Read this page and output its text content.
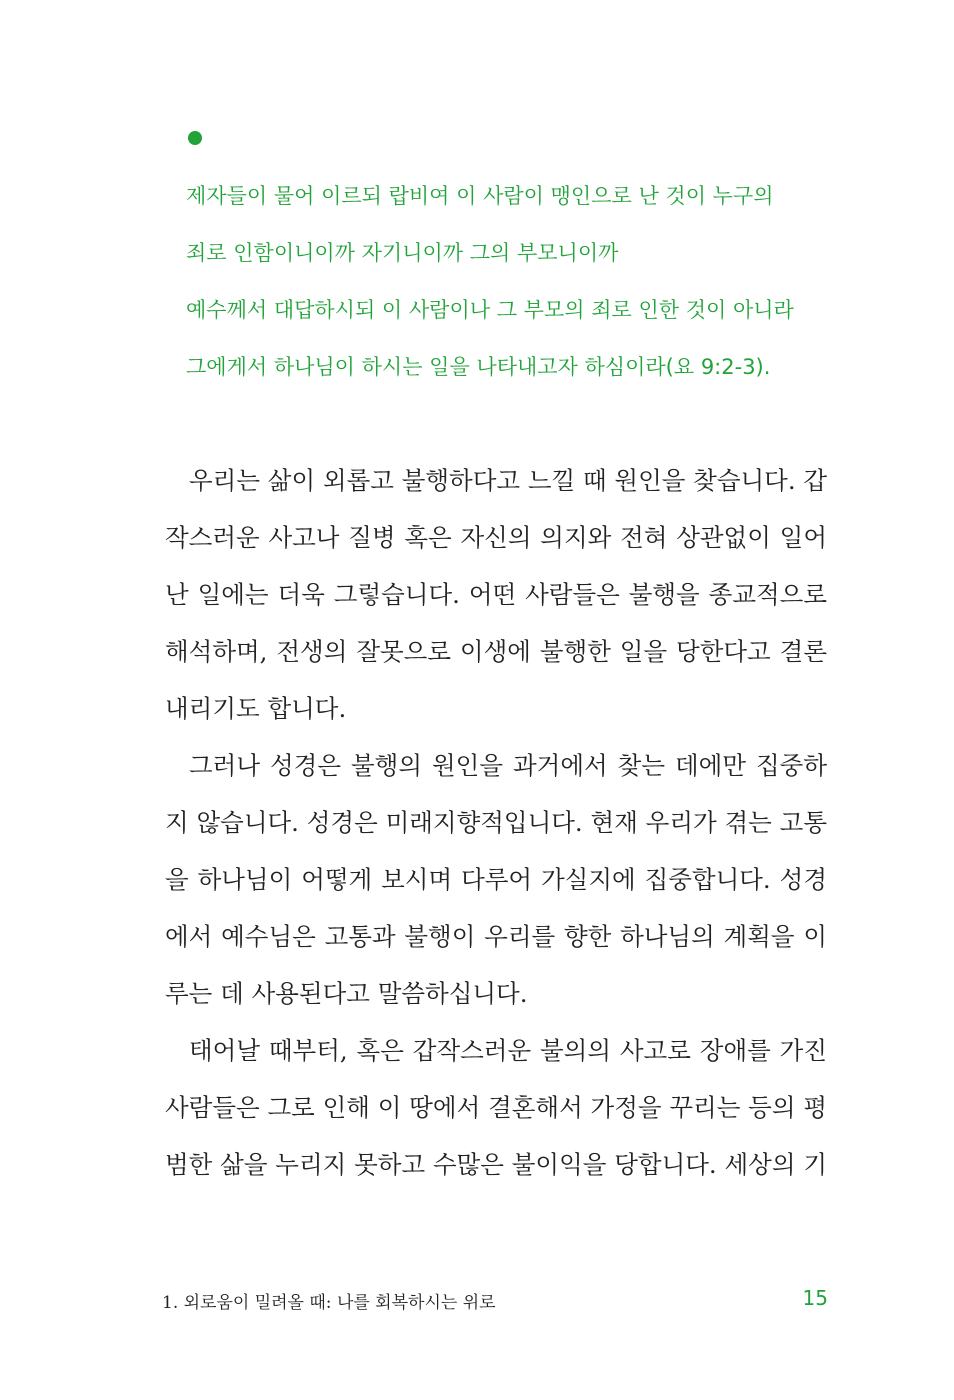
제자들이 물어 이르되 랍비여 이 사람이 맹인으로 난 것이 누구의
죄로 인함이니이까 자기니이까 그의 부모니이까
예수께서 대답하시되 이 사람이나 그 부모의 죄로 인한 것이 아니라
그에게서 하나님이 하시는 일을 나타내고자 하심이라(요 9:2-3).
우리는 삶이 외롭고 불행하다고 느낄 때 원인을 찾습니다. 갑
작스러운 사고나 질병 혹은 자신의 의지와 전혀 상관없이 일어
난 일에는 더욱 그렇습니다. 어떤 사람들은 불행을 종교적으로
해석하며, 전생의 잘못으로 이생에 불행한 일을 당한다고 결론
내리기도 합니다.
그러나 성경은 불행의 원인을 과거에서 찾는 데에만 집중하
지 않습니다. 성경은 미래지향적입니다. 현재 우리가 겪는 고통
을 하나님이 어떻게 보시며 다루어 가실지에 집중합니다. 성경
에서 예수님은 고통과 불행이 우리를 향한 하나님의 계획을 이
루는 데 사용된다고 말씀하십니다.
태어날 때부터, 혹은 갑작스러운 불의의 사고로 장애를 가진
사람들은 그로 인해 이 땅에서 결혼해서 가정을 꾸리는 등의 평
범한 삶을 누리지 못하고 수많은 불이익을 당합니다. 세상의 기
1. 외로움이 밀려올 때: 나를 회복하시는 위로	15
